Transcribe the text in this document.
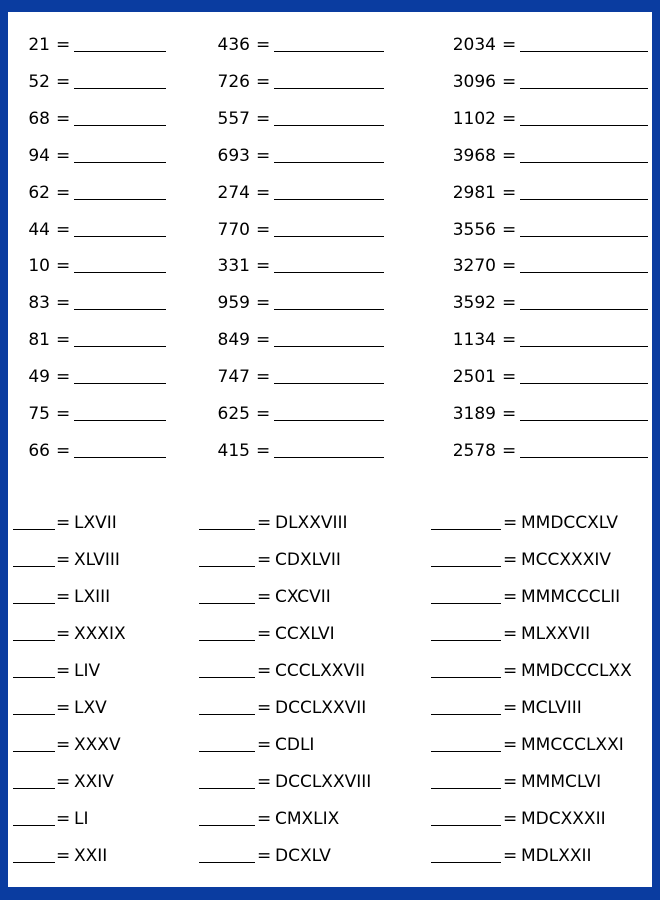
21 =
52 =
68 =
94 =
62 =
44 =
10 =
83 =
81 =
49 =
75 =
66 =
436 =
726 =
557 =
693 =
274 =
770 =
331 =
959 =
849 =
747 =
625 =
415 =
2034 =
3096 =
1102 =
3968 =
2981 =
3556 =
3270 =
3592 =
1134 =
2501 =
3189 =
2578 =
= LXVII
= XLVIII
= LXIII
= XXXIX
= LIV
= LXV
= XXXV
= XXIV
= LI
= XXII
= DLXXVIII
= CDXLVII
= CXCVII
= CCXLVI
= CCCLXXVII
= DCCLXXVII
= CDLI
= DCCLXXVIII
= CMXLIX
= DCXLV
= MMDCCXLV
= MCCXXXIV
= MMMCCCLII
= MLXXVII
= MMDCCCLXX
= MCLVIII
= MMCCCLXXI
= MMMCLVI
= MDCXXXII
= MDLXXII
